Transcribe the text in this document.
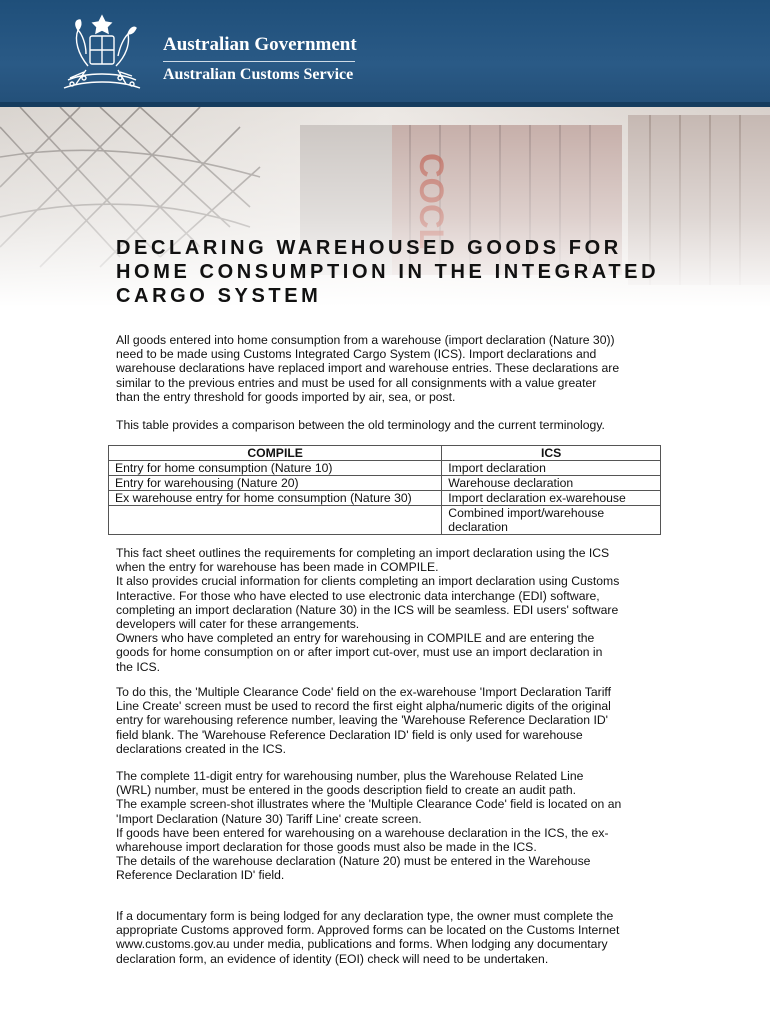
Australian Government
Australian Customs Service
DECLARING WAREHOUSED GOODS FOR
HOME CONSUMPTION IN THE INTEGRATED
CARGO SYSTEM
All goods entered into home consumption from a warehouse (import declaration (Nature 30))
need to be made using Customs Integrated Cargo System (ICS). Import declarations and
warehouse declarations have replaced import and warehouse entries. These declarations are
similar to the previous entries and must be used for all consignments with a value greater
than the entry threshold for goods imported by air, sea, or post.
This table provides a comparison between the old terminology and the current terminology.
COMPILE	ICS
Entry for home consumption (Nature 10)	Import declaration
Entry for warehousing (Nature 20)	Warehouse declaration
Ex warehouse entry for home consumption (Nature 30)	Import declaration ex-warehouse

	Combined import/warehouse
declaration
This fact sheet outlines the requirements for completing an import declaration using the ICS
when the entry for warehouse has been made in COMPILE.
It also provides crucial information for clients completing an import declaration using Customs
Interactive. For those who have elected to use electronic data interchange (EDI) software,
completing an import declaration (Nature 30) in the ICS will be seamless. EDI users' software
developers will cater for these arrangements.
Owners who have completed an entry for warehousing in COMPILE and are entering the
goods for home consumption on or after import cut-over, must use an import declaration in
the ICS.
To do this, the 'Multiple Clearance Code' field on the ex-warehouse 'Import Declaration Tariff
Line Create' screen must be used to record the first eight alpha/numeric digits of the original
entry for warehousing reference number, leaving the 'Warehouse Reference Declaration ID'
field blank. The 'Warehouse Reference Declaration ID' field is only used for warehouse
declarations created in the ICS.
The complete 11-digit entry for warehousing number, plus the Warehouse Related Line
(WRL) number, must be entered in the goods description field to create an audit path.
The example screen-shot illustrates where the 'Multiple Clearance Code' field is located on an
'Import Declaration (Nature 30) Tariff Line' create screen.
If goods have been entered for warehousing on a warehouse declaration in the ICS, the ex-
wharehouse import declaration for those goods must also be made in the ICS.
The details of the warehouse declaration (Nature 20) must be entered in the Warehouse
Reference Declaration ID' field.
If a documentary form is being lodged for any declaration type, the owner must complete the
appropriate Customs approved form. Approved forms can be located on the Customs Internet
www.customs.gov.au under media, publications and forms. When lodging any documentary
declaration form, an evidence of identity (EOI) check will need to be undertaken.
